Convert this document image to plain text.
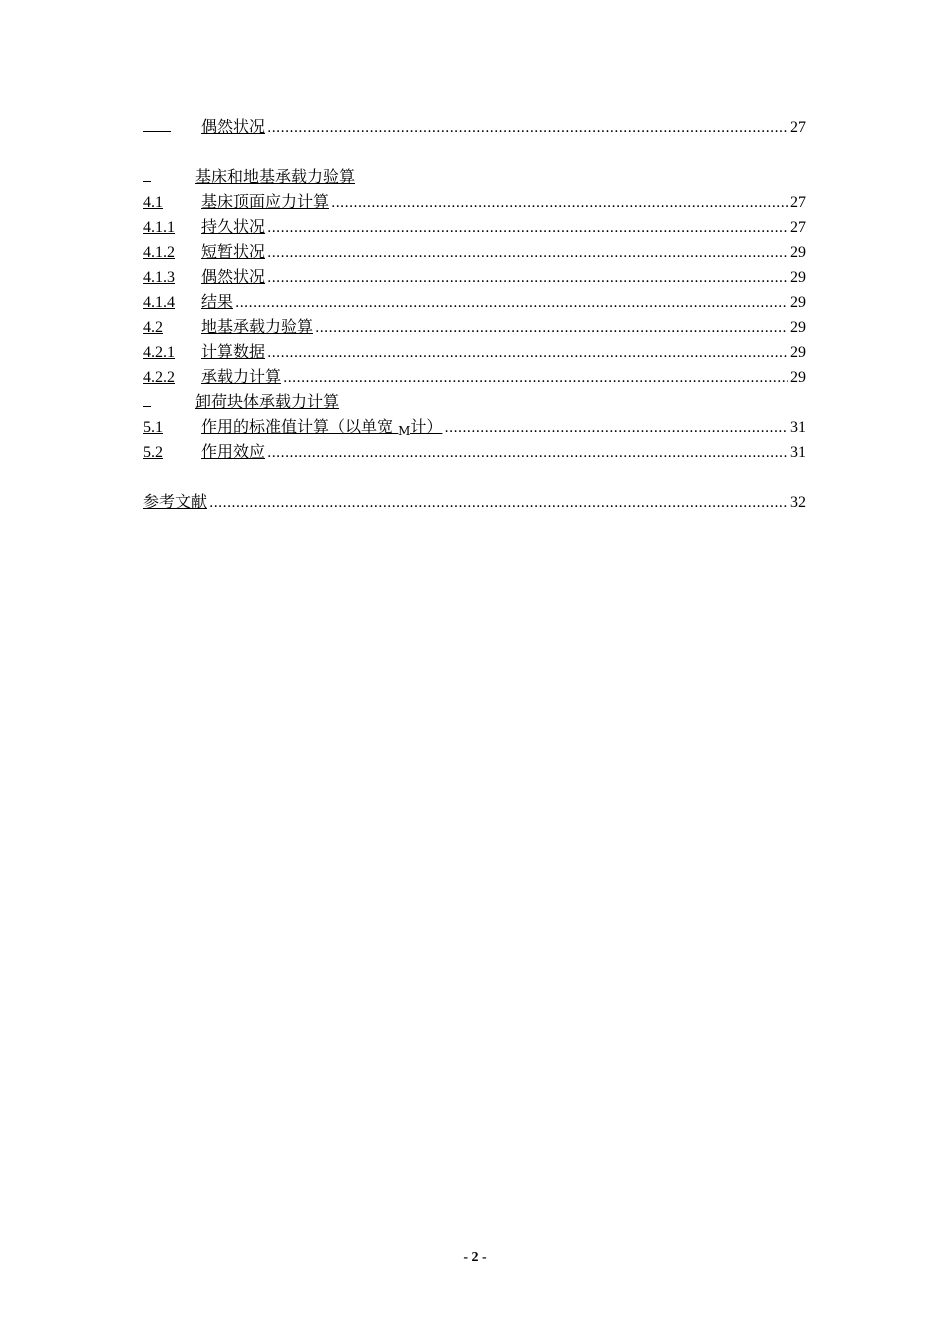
偶然状况 .....	27
基床和地基承载力验算
4.1	基床顶面应力计算 .....	27
4.1.1	持久状况 .....	27
4.1.2	短暂状况 .....	29
4.1.3	偶然状况 .....	29
4.1.4	结果 .....	29
4.2	地基承载力验算 .....	29
4.2.1	计算数据 .....	29
4.2.2	承载力计算 .....	29
卸荷块体承载力计算
5.1	作用的标准值计算（以单宽 $_M$计） .....	31
5.2	作用效应 .....	31
参考文献 .....	32
- 2 -
